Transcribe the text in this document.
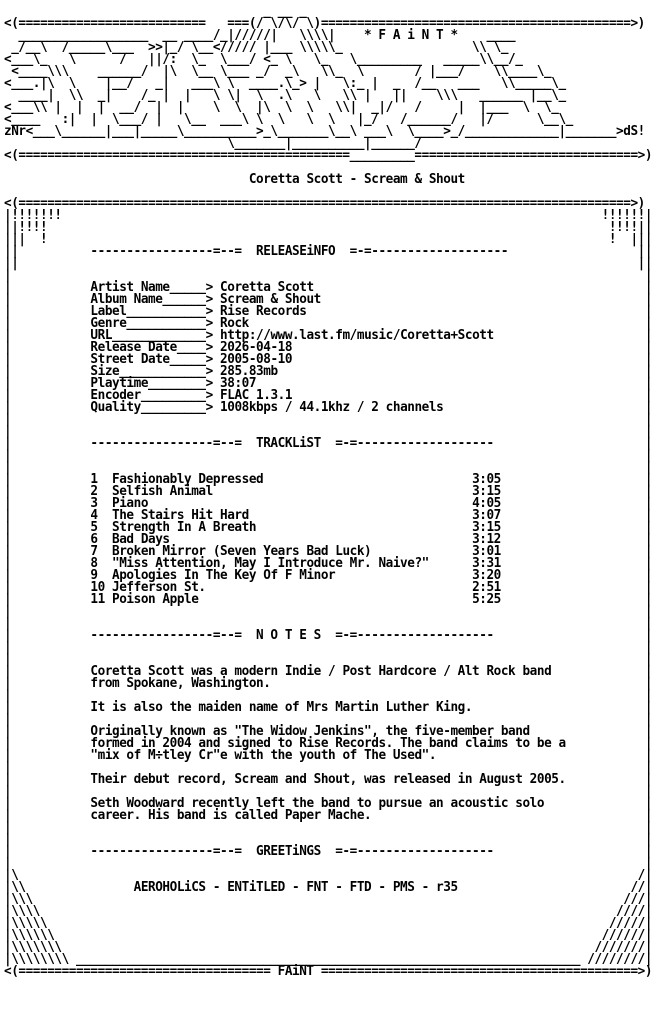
_ __ _
<(==========================   ===(/ \/\/ \)===========================================>)
__________________  __ ____/_|/////|   \\\\|    * F A i N T *    ____
_/__\  /_____\___  >>|_/ \__<///// |___ \\\\\_                  \\ \_
<___\_   \      /   ||/:  \_  \___/ <_ \   \_   \_________   _____\\__/_
<____\\\    ______/  |\  \__ \___ _/  _\   \\_  \       / |___/    \\____\_
<___.|\  \    |__/   _|   ___\ \  ____.\_> |   \:_ |  _  /__   ___   \\_____\_
____|  \\  _|    /_ |  |   \ \|  \  .\   \   \\ |   ||    \\\   ______ |__\_
<___\\ |  |  |  __/  |  |    \  \  |\  \  \   \\|  _|/   /     |  |___  \  \_
<____   :|  |  \___/ |   \__  ___\ \  \   \  \   |_/   /______/   |/      \__\_
zNr<___\______|___|_____\__________>_\_______\__\ ___\  \____>_/_____________|_______>dS!
\_______|__________|______/
<(==============================================_________===============================>)
Coretta Scott - Scream & Shout
<(=====================================================================================>)
|!!!!!!!                                                                           !!!!!!|
||!!!!                                                                              !!!!||
|||  !                                                                              !  |||
||          -----------------=--=  RELEASEiNFO  =-=-------------------                  ||
||                                                                                      ||
|                                                                                        |
|           Artist Name_____> Coretta Scott                                              |
|           Album Name______> Scream & Shout                                             |
|           Label___________> Rise Records                                               |
|           Genre___________> Rock                                                       |
|           URL_____________> http://www.last.fm/music/Coretta+Scott                     |
|           Release Date____> 2026-04-18                                                 |
|           Street Date_____> 2005-08-10                                                 |
|           Size____________> 285.83mb                                                   |
|           Playtime________> 38:07                                                      |
|           Encoder_________> FLAC 1.3.1                                                 |
|           Quality_________> 1008kbps / 44.1khz / 2 channels                            |
|                                                                                        |
|                                                                                        |
|           -----------------=--=  TRACKLiST  =-=-------------------                     |
|                                                                                        |
|                                                                                        |
|           1  Fashionably Depressed                             3:05                    |
|           2  Selfish Animal                                    3:15                    |
|           3  Piano                                             4:05                    |
|           4  The Stairs Hit Hard                               3:07                    |
|           5  Strength In A Breath                              3:15                    |
|           6  Bad Days                                          3:12                    |
|           7  Broken Mirror (Seven Years Bad Luck)              3:01                    |
|           8  "Miss Attention, May I Introduce Mr. Naive?"      3:31                    |
|           9  Apologies In The Key Of F Minor                   3:20                    |
|           10 Jefferson St.                                     2:51                    |
|           11 Poison Apple                                      5:25                    |
|                                                                                        |
|                                                                                        |
|           -----------------=--=  N O T E S  =-=-------------------                     |
|                                                                                        |
|                                                                                        |
|           Coretta Scott was a modern Indie / Post Hardcore / Alt Rock band             |
|           from Spokane, Washington.                                                    |
|                                                                                        |
|           It is also the maiden name of Mrs Martin Luther King.                        |
|                                                                                        |
|           Originally known as "The Widow Jenkins", the five-member band                |
|           formed in 2004 and signed to Rise Records. The band claims to be a           |
|           "mix of M÷tley Cr"e with the youth of The Used".                             |
|                                                                                        |
|           Their debut record, Scream and Shout, was released in August 2005.           |
|                                                                                        |
|           Seth Woodward recently left the band to pursue an acoustic solo              |
|           career. His band is called Paper Mache.                                      |
|                                                                                        |
|                                                                                        |
|           -----------------=--=  GREETiNGS  =-=-------------------                     |
|                                                                                        |
|\                                                                                      /|
|\\               AEROHOLiCS - ENTiTLED - FNT - FTD - PMS - r35                        //|
|\\\                                                                                  ///|
|\\\\                                                                                ////|
|\\\\\                                                                              /////|
|\\\\\\                                                                            //////|
|\\\\\\\                                                                          ///////|
|\\\\\\\\ ______________________________________________________________________ ////////|
<(=================================== FAiNT ============================================>)
